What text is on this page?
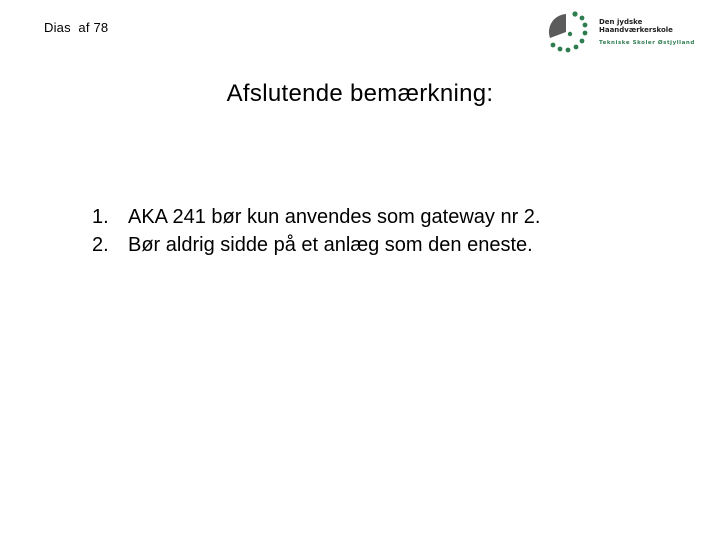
Dias  af 78	Den jydske
Haandværkerskole
Tekniske Skoler Østjylland
Afslutende bemærkning:
1. AKA 241 bør kun anvendes som gateway nr 2.
2. Bør aldrig sidde på et anlæg som den eneste.
